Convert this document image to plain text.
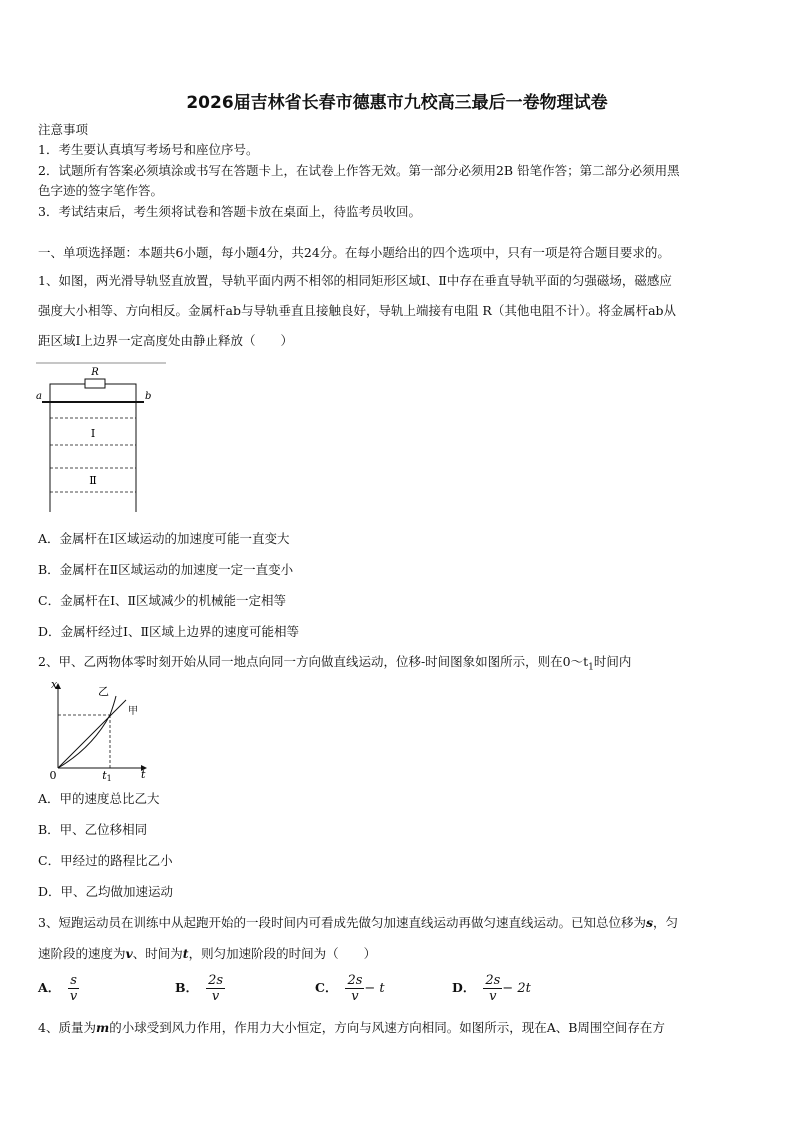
2026届吉林省长春市德惠市九校高三最后一卷物理试卷
注意事项
1．考生要认真填写考场号和座位序号。
2．试题所有答案必须填涂或书写在答题卡上，在试卷上作答无效。第一部分必须用2B 铅笔作答；第二部分必须用黑
色字迹的签字笔作答。
3．考试结束后，考生须将试卷和答题卡放在桌面上，待监考员收回。
一、单项选择题：本题共6小题，每小题4分，共24分。在每小题给出的四个选项中，只有一项是符合题目要求的。
1、如图，两光滑导轨竖直放置，导轨平面内两不相邻的相同矩形区域Ⅰ、Ⅱ中存在垂直导轨平面的匀强磁场，磁感应
强度大小相等、方向相反。金属杆ab与导轨垂直且接触良好，导轨上端接有电阻 R（其他电阻不计）。将金属杆ab从
距区域Ⅰ上边界一定高度处由静止释放（　　）
R
a	b
Ⅰ
Ⅱ
A．金属杆在Ⅰ区域运动的加速度可能一直变大
B．金属杆在Ⅱ区域运动的加速度一定一直变小
C．金属杆在Ⅰ、Ⅱ区域减少的机械能一定相等
D．金属杆经过Ⅰ、Ⅱ区域上边界的速度可能相等
2、甲、乙两物体零时刻开始从同一地点向同一方向做直线运动，位移-时间图象如图所示，则在$0\sim t_1$时间内
x
t
0	t1
甲
乙
A．甲的速度总比乙大
B．甲、乙位移相同
C．甲经过的路程比乙小
D．甲、乙均做加速运动
3、短跑运动员在训练中从起跑开始的一段时间内可看成先做匀加速直线运动再做匀速直线运动。已知总位移为s，匀
速阶段的速度为v、时间为t，则匀加速阶段的时间为（　　）
A． $\frac{s}{v}$	B． $\frac{2s}{v}$	C． $\frac{2s}{v} - t$	D． $\frac{2s}{v} - 2t$
4、质量为m的小球受到风力作用，作用力大小恒定，方向与风速方向相同。如图所示，现在A、B周围空间存在方
